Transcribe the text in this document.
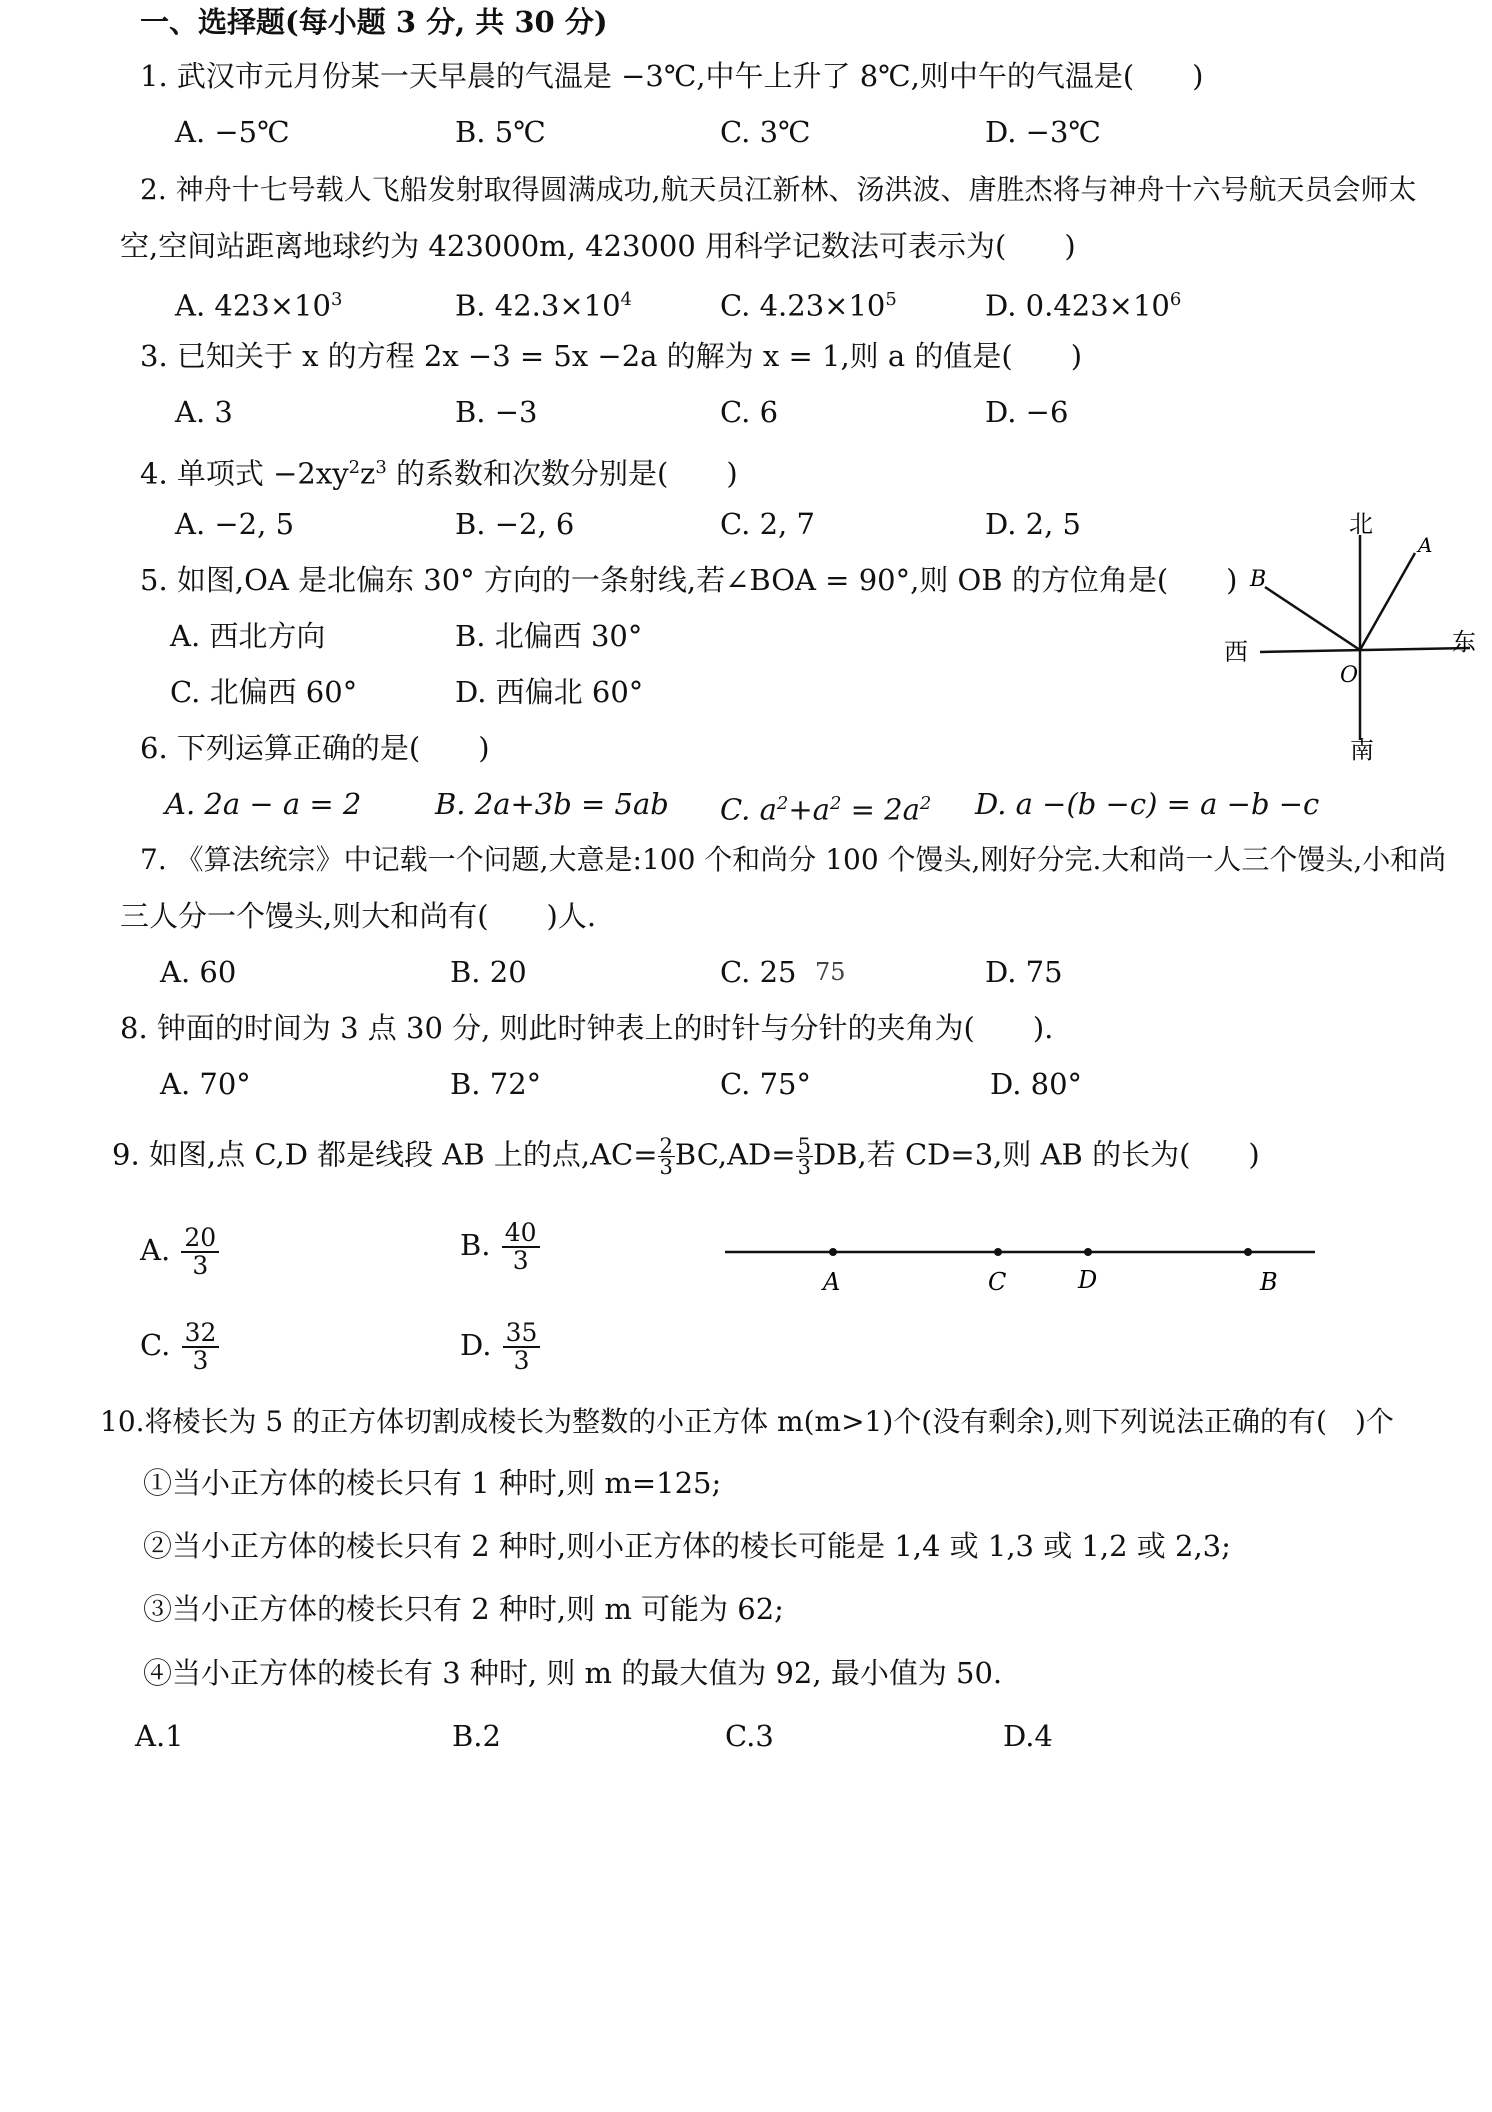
一、选择题(每小题 3 分, 共 30 分)
1. 武汉市元月份某一天早晨的气温是 −3℃,中午上升了 8℃,则中午的气温是(　　)
A. −5℃	B. 5℃	C. 3℃	D. −3℃
2. 神舟十七号载人飞船发射取得圆满成功,航天员江新林、汤洪波、唐胜杰将与神舟十六号航天员会师太
空,空间站距离地球约为 423000m, 423000 用科学记数法可表示为(　　)
A. $423\times 10^3$	B. $42.3\times 10^4$	C. $4.23\times 10^5$	D. $0.423\times 10^6$
3. 已知关于 x 的方程 2x −3 = 5x −2a 的解为 x = 1,则 a 的值是(　　)
A. 3	B. −3	C. 6	D. −6
4. 单项式 $-2xy^2z^3$ 的系数和次数分别是(　　)
A. −2, 5	B. −2, 6	C. 2, 7	D. 2, 5
5. 如图,OA 是北偏东 30° 方向的一条射线,若∠BOA = 90°,则 OB 的方位角是(　　)
A. 西北方向	B. 北偏西 30°
C. 北偏西 60°	D. 西偏北 60°
北
A
B
西	东
O
南
6. 下列运算正确的是(　　)
A. 2a − a = 2	B. 2a+3b = 5ab C. $a^2+a^2 = 2a^2$ D. a −(b −c) = a −b −c
7. 《算法统宗》中记载一个问题,大意是:100 个和尚分 100 个馒头,刚好分完.大和尚一人三个馒头,小和尚
三人分一个馒头,则大和尚有(　　)人.
A. 60	B. 20	C. 25 75	D. 75
8. 钟面的时间为 3 点 30 分, 则此时钟表上的时针与分针的夹角为(　　).
A. 70°	B. 72°	C. 75°	D. 80°
9. 如图,点 C,D 都是线段 AB 上的点$,AC= \frac{2}{3} BC,AD= \frac{5}{3}$ DB,若 CD=3,则 AB 的长为(　　)
A. $\frac{20}{3}$	B. $\frac{40}{3}$
C. $\frac{32}{3}$	D. $\frac{35}{3}$
A	C	D	B
10.将棱长为 5 的正方体切割成棱长为整数的小正方体 m(m>1)个(没有剩余),则下列说法正确的有(　)个
①当小正方体的棱长只有 1 种时,则 m=125;
②当小正方体的棱长只有 2 种时,则小正方体的棱长可能是 1,4 或 1,3 或 1,2 或 2,3;
③当小正方体的棱长只有 2 种时,则 m 可能为 62;
④当小正方体的棱长有 3 种时, 则 m 的最大值为 92, 最小值为 50.
A.1	B.2	C.3	D.4
